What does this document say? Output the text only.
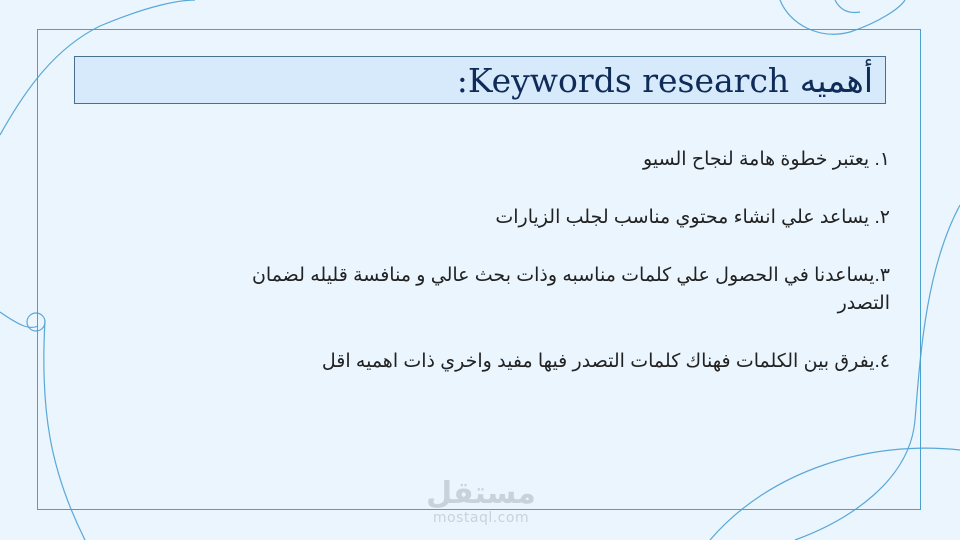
أهميه Keywords research:
١. يعتبر خطوة هامة لنجاح السيو
٢. يساعد علي انشاء محتوي مناسب لجلب الزيارات
٣.يساعدنا في الحصول علي كلمات مناسبه وذات بحث عالي و منافسة قليله لضمان التصدر
٤.يفرق بين الكلمات فهناك كلمات التصدر فيها مفيد واخري ذات اهميه اقل
مستقل
mostaql.com
